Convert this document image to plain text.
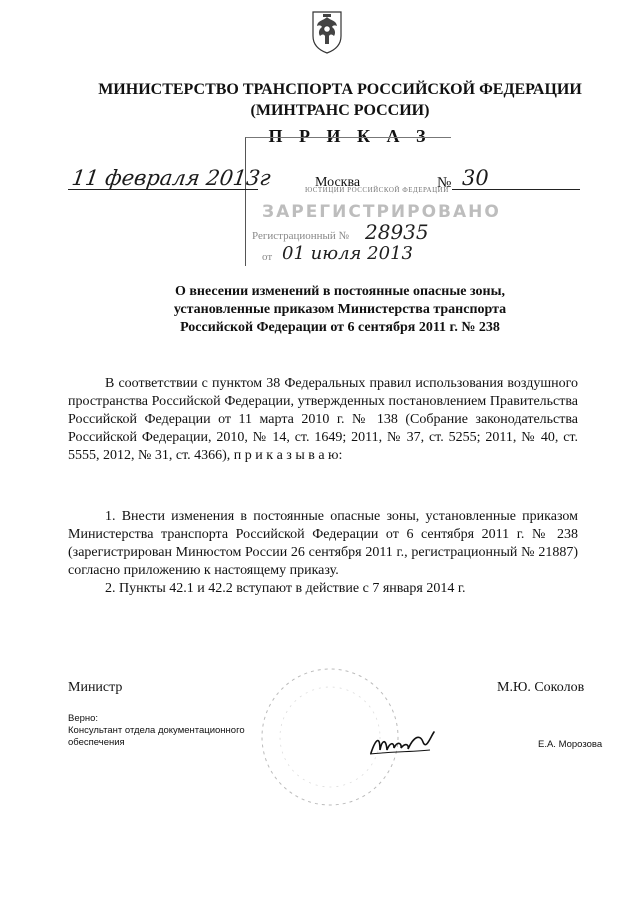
МИНИСТЕРСТВО ТРАНСПОРТА РОССИЙСКОЙ ФЕДЕРАЦИИ
(МИНТРАНС РОССИИ)
П Р И К А З
ЮСТИЦИИ РОССИЙСКОЙ ФЕДЕРАЦИИ
ЗАРЕГИСТРИРОВАНО
Регистрационный № 28935
от 01 июля 2013
11 февраля 2013г	Москва	№ 30
О внесении изменений в постоянные опасные зоны,
установленные приказом Министерства транспорта
Российской Федерации от 6 сентября 2011 г. № 238
В соответствии с пунктом 38 Федеральных правил использования воздушного пространства Российской Федерации, утвержденных постановлением Правительства Российской Федерации от 11 марта 2010 г. № 138 (Собрание законодательства Российской Федерации, 2010, № 14, ст. 1649; 2011, № 37, ст. 5255; 2011, № 40, ст. 5555, 2012, № 31, ст. 4366), п р и к а з ы в а ю:

1. Внести изменения в постоянные опасные зоны, установленные приказом Министерства транспорта Российской Федерации от 6 сентября 2011 г. № 238 (зарегистрирован Минюстом России 26 сентября 2011 г., регистрационный № 21887) согласно приложению к настоящему приказу.

2. Пункты 42.1 и 42.2 вступают в действие с 7 января 2014 г.

Министр	М.Ю. Соколов
Верно:
Консультант отдела документационного
обеспечения	Е.А. Морозова
